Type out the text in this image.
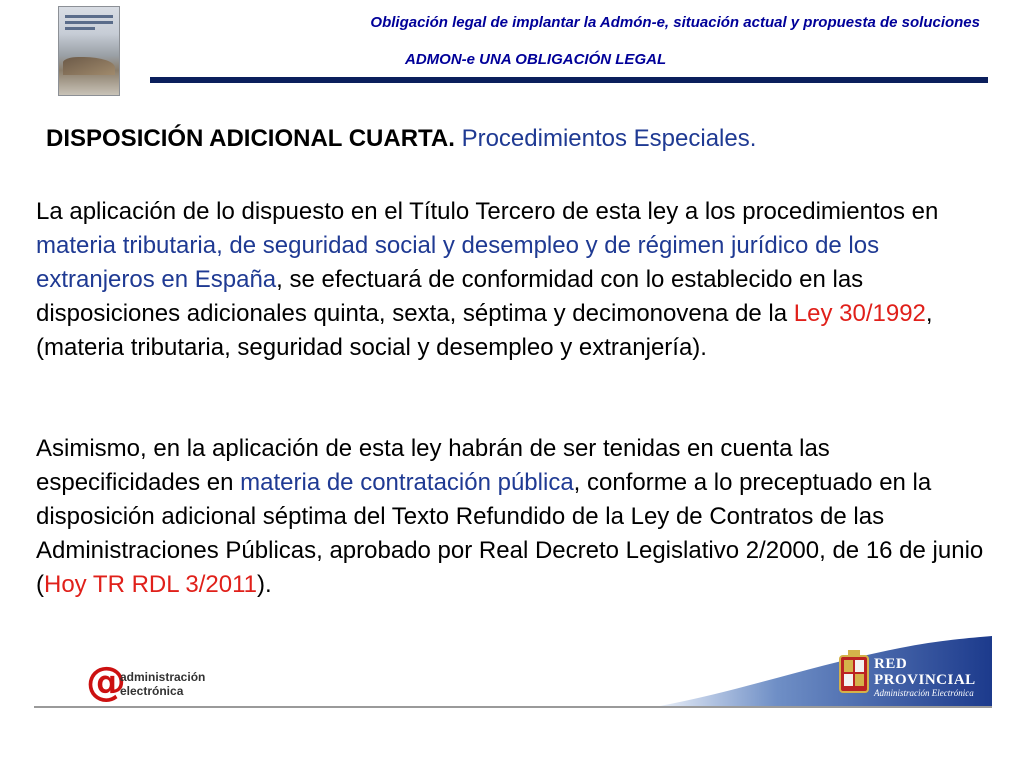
Obligación legal de implantar la Admón-e, situación actual y propuesta de soluciones
ADMON-e UNA OBLIGACIÓN LEGAL
DISPOSICIÓN ADICIONAL CUARTA. Procedimientos Especiales.
La aplicación de lo dispuesto en el Título Tercero de esta ley a los procedimientos en materia tributaria, de seguridad social y desempleo y de régimen jurídico de los extranjeros en España, se efectuará de conformidad con lo establecido en las disposiciones adicionales quinta, sexta, séptima y decimonovena de la Ley 30/1992, (materia tributaria, seguridad social y desempleo y extranjería).
Asimismo, en la aplicación de esta ley habrán de ser tenidas en cuenta las especificidades en materia de contratación pública, conforme a lo preceptuado en la disposición adicional séptima del Texto Refundido de la Ley de Contratos de las Administraciones Públicas, aprobado por Real Decreto Legislativo 2/2000, de 16 de junio (Hoy TR RDL 3/2011).
@
administración
electrónica
RED
PROVINCIAL
Administración Electrónica
